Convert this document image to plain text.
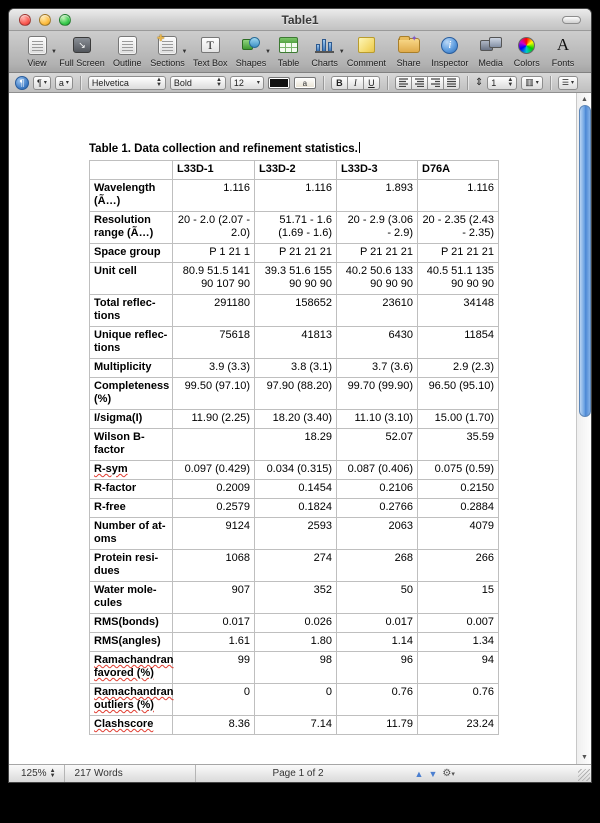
Table1
▼
View
↘
Full Screen Outline
✚
▼
Sections
T
Text Box
▼
Shapes Table
▼
Charts Comment
✦ Share
i
Inspector Media Colors
A
Fonts
¶	¶ ▾ a ▾	Helvetica	▲
▼ Bold	▲
▼ 12 ▾	a	B	I	U	⇕ 1 ▲
▼ ▥ ▾	☰ ▾
Table 1. Data collection and refinement statistics.
	L33D-1	L33D-2	L33D-3	D76A
Wavelength
(Ã…)	1.116	1.116	1.893	1.116
Resolution
range (Ã…)	20 - 2.0 (2.07 - 2.0)	51.71 - 1.6 (1.69 - 1.6)	20 - 2.9 (3.06 - 2.9)	20 - 2.35 (2.43 - 2.35)
Space group	P 1 21 1	P 21 21 21	P 21 21 21	P 21 21 21
Unit cell	80.9 51.5 141 90 107 90	39.3 51.6 155 90 90 90	40.2 50.6 133 90 90 90	40.5 51.1 135 90 90 90
Total reflec-
tions	291180	158652	23610	34148
Unique reflec-
tions	75618	41813	6430	11854
Multiplicity	3.9 (3.3)	3.8 (3.1)	3.7 (3.6)	2.9 (2.3)
Completeness
(%)	99.50 (97.10)	97.90 (88.20)	99.70 (99.90)	96.50 (95.10)
I/sigma(I)	11.90 (2.25)	18.20 (3.40)	11.10 (3.10)	15.00 (1.70)
Wilson B-
factor		18.29	52.07	35.59
R-sym	0.097 (0.429)	0.034 (0.315)	0.087 (0.406)	0.075 (0.59)
R-factor	0.2009	0.1454	0.2106	0.2150
R-free	0.2579	0.1824	0.2766	0.2884
Number of at-
oms	9124	2593	2063	4079
Protein resi-
dues	1068	274	268	266
Water mole-
cules	907	352	50	15
RMS(bonds)	0.017	0.026	0.017	0.007
RMS(angles)	1.61	1.80	1.14	1.34
Ramachandran
favored (%)	99	98	96	94
Ramachandran
outliers (%)	0	0	0.76	0.76
Clashscore	8.36	7.14	11.79	23.24
▲
▼
125% ▲
▼	217 Words	Page 1 of 2	▲ ▼ ⚙▾
